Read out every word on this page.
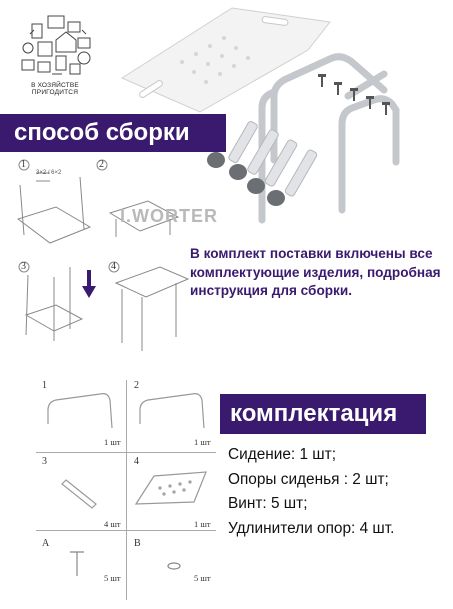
В ХОЗЯЙСТВЕ ПРИГОДИТСЯ
способ сборки
1
3×2 / 6×2
2
3	4
I.WORTER
В комплект поставки включены все комплектующие изделия, подробная инструкция для сборки.
1
1 шт
2
1 шт
3
4 шт
4
1 шт
A
5 шт
B
5 шт
комплектация
Сидение: 1 шт;
Опоры сиденья : 2 шт;
Винт: 5 шт;
Удлинители опор: 4 шт.
